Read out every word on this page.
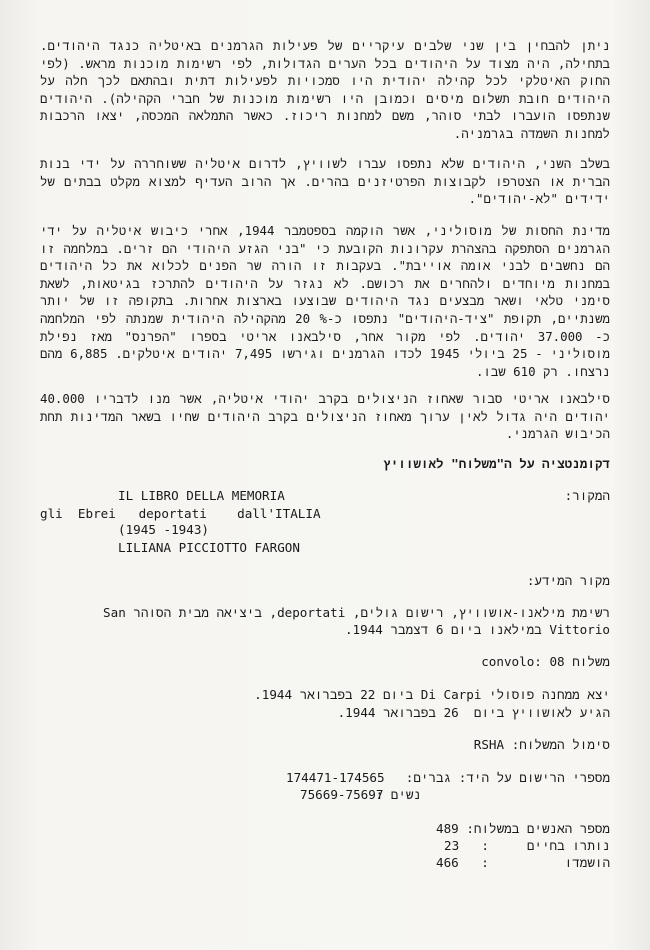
ניתן להבחין בין שני שלבים עיקריים של פעילות הגרמנים באיטליה כנגד היהודים. בתחילה, היה מצוד על היהודים בכל הערים הגדולות, לפי רשימות מוכנות מראש. (לפי החוק האיטלקי לכל קהילה יהודית היו סמכויות לפעילות דתית ובהתאם לכך חלה על היהודים חובת תשלום מיסים וכמובן היו רשימות מוכנות של חברי הקהילה). היהודים שנתפסו הועברו לבתי סוהר, משם למחנות ריכוז. כאשר התמלאה המכסה, יצאו הרכבות למחנות השמדה בגרמניה.
בשלב השני, היהודים שלא נתפסו עברו לשוויץ, לדרום איטליה ששוחררה על ידי בנות הברית או הצטרפו לקבוצות הפרטיזנים בהרים. אך הרוב העדיף למצוא מקלט בבתים של ידידים "לא-יהודים".
מדינת החסות של מוסוליני, אשר הוקמה בספטמבר 1944, אחרי כיבוש איטליה על ידי הגרמנים הסתפקה בהצהרת עקרונות הקובעת כי "בני הגזע היהודי הם זרים. במלחמה זו הם נחשבים לבני אומה אוייבת". בעקבות זו הורה שר הפנים לכלוא את כל היהודים במחנות מיוחדים ולהחרים את רכושם. לא נגזר על היהודים להתרכז בגיטאות, לשאת סימני טלאי ושאר מבצעים נגד היהודים שבוצעו בארצות אחרות. בתקופה זו של יותר משנתיים, תקופת "ציד-היהודים" נתפסו כ-% 20 מהקהילה היהודית שמנתה לפי המלחמה כ- 37.000 יהודים. לפי מקור אחר, סילבאנו אריטי בספרו "הפרנס" מאז נפילת מוסוליני - 25 ביולי 1945 לכדו הגרמנים וגירשו 7,495 יהודים איטלקים. 6,885 מהם נרצחו. רק 610 שבו.
סילבאנו אריטי סבור שאחוז הניצולים בקרב יהודי איטליה, אשר מנו לדבריו 40.000 יהודים היה גדול לאין ערוך מאחוז הניצולים בקרב היהודים שחיו בשאר המדינות תחת הכיבוש הגרמני.
דקומנטציה על ה"משלוח" לאושוויץ
המקור:
IL LIBRO DELLA MEMORIA
gli  Ebrei   deportati    dall'ITALIA
(1945 -1943)
LILIANA PICCIOTTO FARGON
מקור המידע:
רשימת מילאנו-אושוויץ, רישום גולים, deportati, ביציאה מבית הסוהר San
Vittorio במילאנו ביום 6 דצמבר 1944.
משלוח 08 :convolo
יצא ממחנה פוסולי Di Carpi ביום 22 בפברואר 1944.
הגיע לאושוויץ ביום  26 בפברואר 1944.
סימול המשלוח: RSHA
מספרי הרישום על היד: גברים:
174471-174565
נשים :
75669-75697
מספר האנשים במשלוח:
489
נותרו בחיים     :
23
הושמדו          :
466
